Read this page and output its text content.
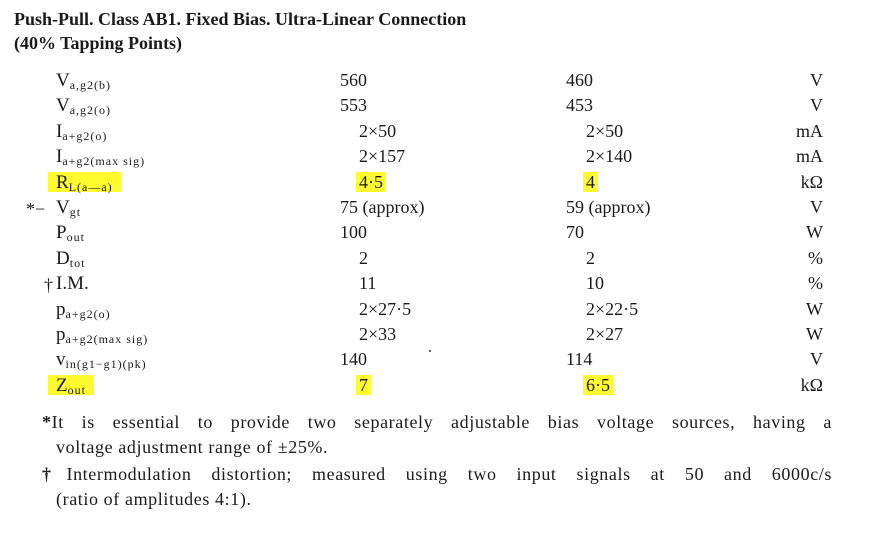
Push-Pull. Class AB1. Fixed Bias. Ultra-Linear Connection
(40% Tapping Points)
Va,g2(b)	560	460	V
Va,g2(o)	553	453	V
Ia+g2(o)	2×50	2×50	mA
Ia+g2(max sig)	2×157	2×140	mA
RL(a—a)	4·5	4	kΩ
*− Vgt	75 (approx)	59 (approx)	V
Pout	100	70	W
Dtot	2	2	%
† I.M.	11	10	%
pa+g2(o)	2×27·5	2×22·5	W
pa+g2(max sig)	2×33	2×27	W
vin(g1−g1)(pk)	140	114	V
Zout	7	6·5	kΩ
*It is essential to provide two separately adjustable bias voltage sources, having a
voltage adjustment range of ±25%.
†Intermodulation distortion; measured using two input signals at 50 and 6000c/s
(ratio of amplitudes 4:1).
